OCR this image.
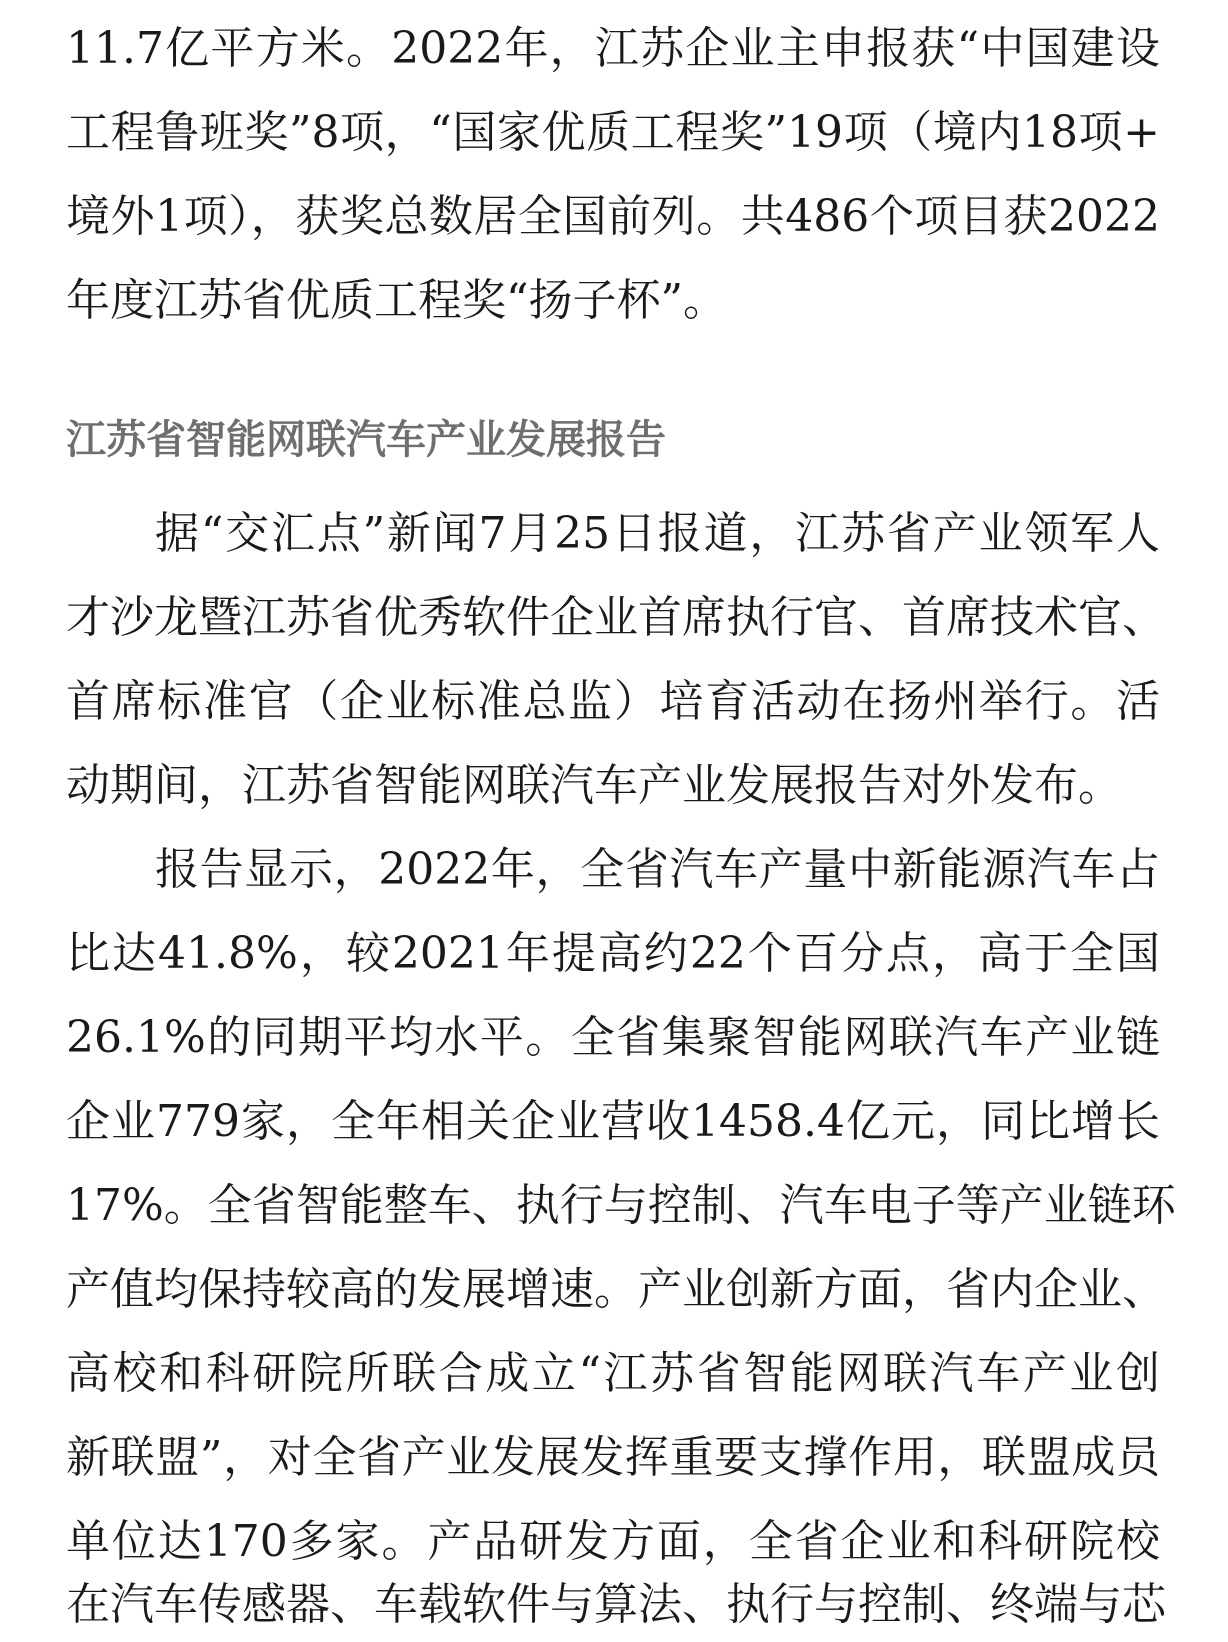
11.7亿平方米。2022年，江苏企业主申报获“中国建设
工程鲁班奖”8项，“国家优质工程奖”19项（境内18项+
境外1项），获奖总数居全国前列。共486个项目获2022
年度江苏省优质工程奖“扬子杯”。
江苏省智能网联汽车产业发展报告
据“交汇点”新闻7月25日报道，江苏省产业领军人
才沙龙暨江苏省优秀软件企业首席执行官、首席技术官、
首席标准官（企业标准总监）培育活动在扬州举行。活
动期间，江苏省智能网联汽车产业发展报告对外发布。
报告显示，2022年，全省汽车产量中新能源汽车占
比达41.8%，较2021年提高约22个百分点，高于全国
26.1%的同期平均水平。全省集聚智能网联汽车产业链
企业779家，全年相关企业营收1458.4亿元，同比增长
17%。全省智能整车、执行与控制、汽车电子等产业链环
产值均保持较高的发展增速。产业创新方面，省内企业、
高校和科研院所联合成立“江苏省智能网联汽车产业创
新联盟”，对全省产业发展发挥重要支撑作用，联盟成员
单位达170多家。产品研发方面，全省企业和科研院校
在汽车传感器、车载软件与算法、执行与控制、终端与芯
